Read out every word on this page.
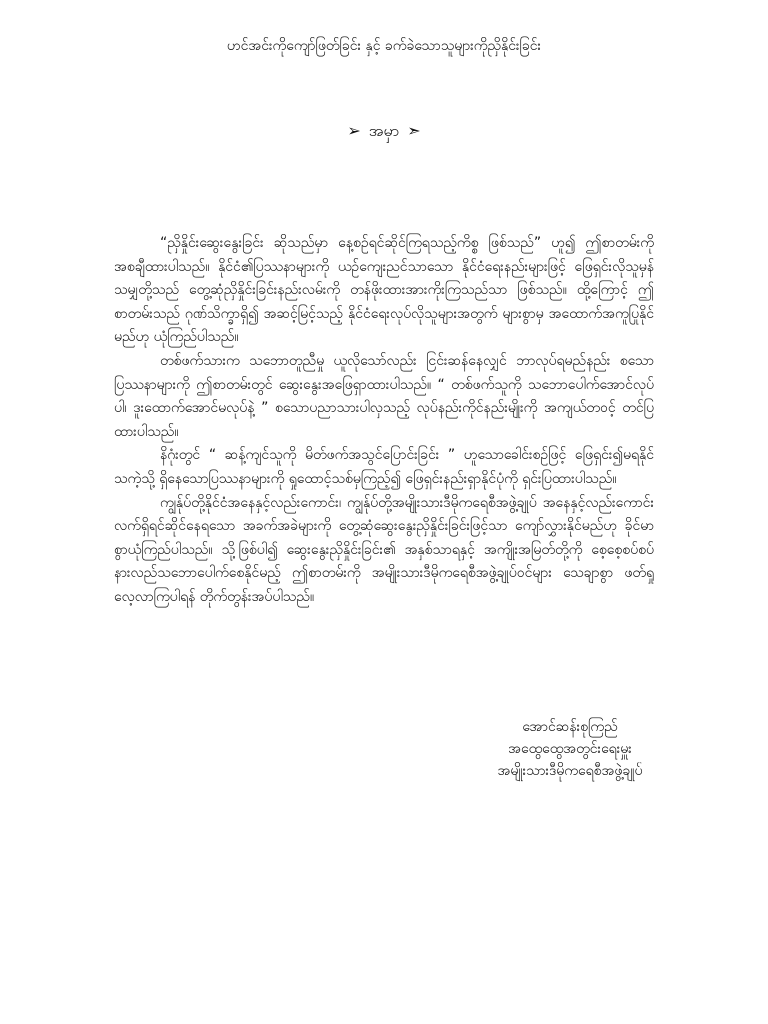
ဟင်အင်းကိုကျော်ဖြတ်ခြင်း နှင့် ခက်ခဲသောသူများကိုညှိနိုင်းခြင်း
➢ အမှာ ➣

“ညှိနှိုင်းဆွေးနွေးခြင်း ဆိုသည်မှာ နေ့စဉ်ရင်ဆိုင်ကြရသည့်ကိစ္စ ဖြစ်သည်” ဟူ၍ ဤစာတမ်းကို အစချီထားပါသည်။ နိုင်ငံ၏ပြဿနာများကို ယဉ်ကျေးညင်သာသော နိုင်ငံရေးနည်းများဖြင့် ဖြေရှင်းလိုသူမှန်သမျှတို့သည် တွေ့ဆုံညှိနှိုင်းခြင်းနည်းလမ်းကို တန်ဖိုးထားအားကိုးကြသည်သာ ဖြစ်သည်။ ထို့ကြောင့် ဤစာတမ်းသည် ဂုဏ်သိက္ခာရှိ၍ အဆင့်မြင့်သည့် နိုင်ငံရေးလုပ်လိုသူများအတွက် များစွာမှ အထောက်အကူပြုနိုင်မည်ဟု ယုံကြည်ပါသည်။

တစ်ဖက်သားက သဘောတူညီမှု ယူလိုသော်လည်း ငြင်းဆန်နေလျှင် ဘာလုပ်ရမည်နည်း စသောပြဿနာများကို ဤစာတမ်းတွင် ဆွေးနွေးအဖြေရှာထားပါသည်။ “ တစ်ဖက်သူကို သဘောပေါက်အောင်လုပ်ပါ၊ ဒူးထောက်အောင်မလုပ်နဲ့ ” စသောပညာသားပါလှသည့် လုပ်နည်းကိုင်နည်းမျိုးကို အကျယ်တဝင့် တင်ပြထားပါသည်။

နိဂုံးတွင် “ ဆန့်ကျင်သူကို မိတ်ဖက်အသွင်ပြောင်းခြင်း ” ဟူသောခေါင်းစဉ်ဖြင့် ဖြေရှင်း၍မရနိုင်သကဲ့သို့ ရှိနေသောပြဿနာများကို ရှုထောင့်သစ်မှကြည့်၍ ဖြေရှင်းနည်းရှာနိုင်ပုံကို ရှင်းပြထားပါသည်။

ကျွန်ုပ်တို့နိုင်ငံအနေနှင့်လည်းကောင်း၊ ကျွန်ုပ်တို့အမျိုးသားဒီမိုကရေစီအဖွဲ့ချုပ် အနေနှင့်လည်းကောင်း လက်ရှိရင်ဆိုင်နေရသော အခက်အခဲများကို တွေ့ဆုံဆွေးနွေးညှိနှိုင်းခြင်းဖြင့်သာ ကျော်လွှားနိုင်မည်ဟု ခိုင်မာစွာယုံကြည်ပါသည်။ သို့ဖြစ်ပါ၍ ဆွေးနွေးညှိနှိုင်းခြင်း၏ အနှစ်သာရနှင့် အကျိုးအမြတ်တို့ကို စေ့စေ့စပ်စပ် နားလည်သဘောပေါက်စေနိုင်မည့် ဤစာတမ်းကို အမျိုးသားဒီမိုကရေစီအဖွဲ့ချုပ်ဝင်များ သေချာစွာ ဖတ်ရှုလေ့လာကြပါရန် တိုက်တွန်းအပ်ပါသည်။

အောင်ဆန်းစုကြည်
အထွေထွေအတွင်းရေးမှူး
အမျိုးသားဒီမိုကရေစီအဖွဲ့ချုပ်
